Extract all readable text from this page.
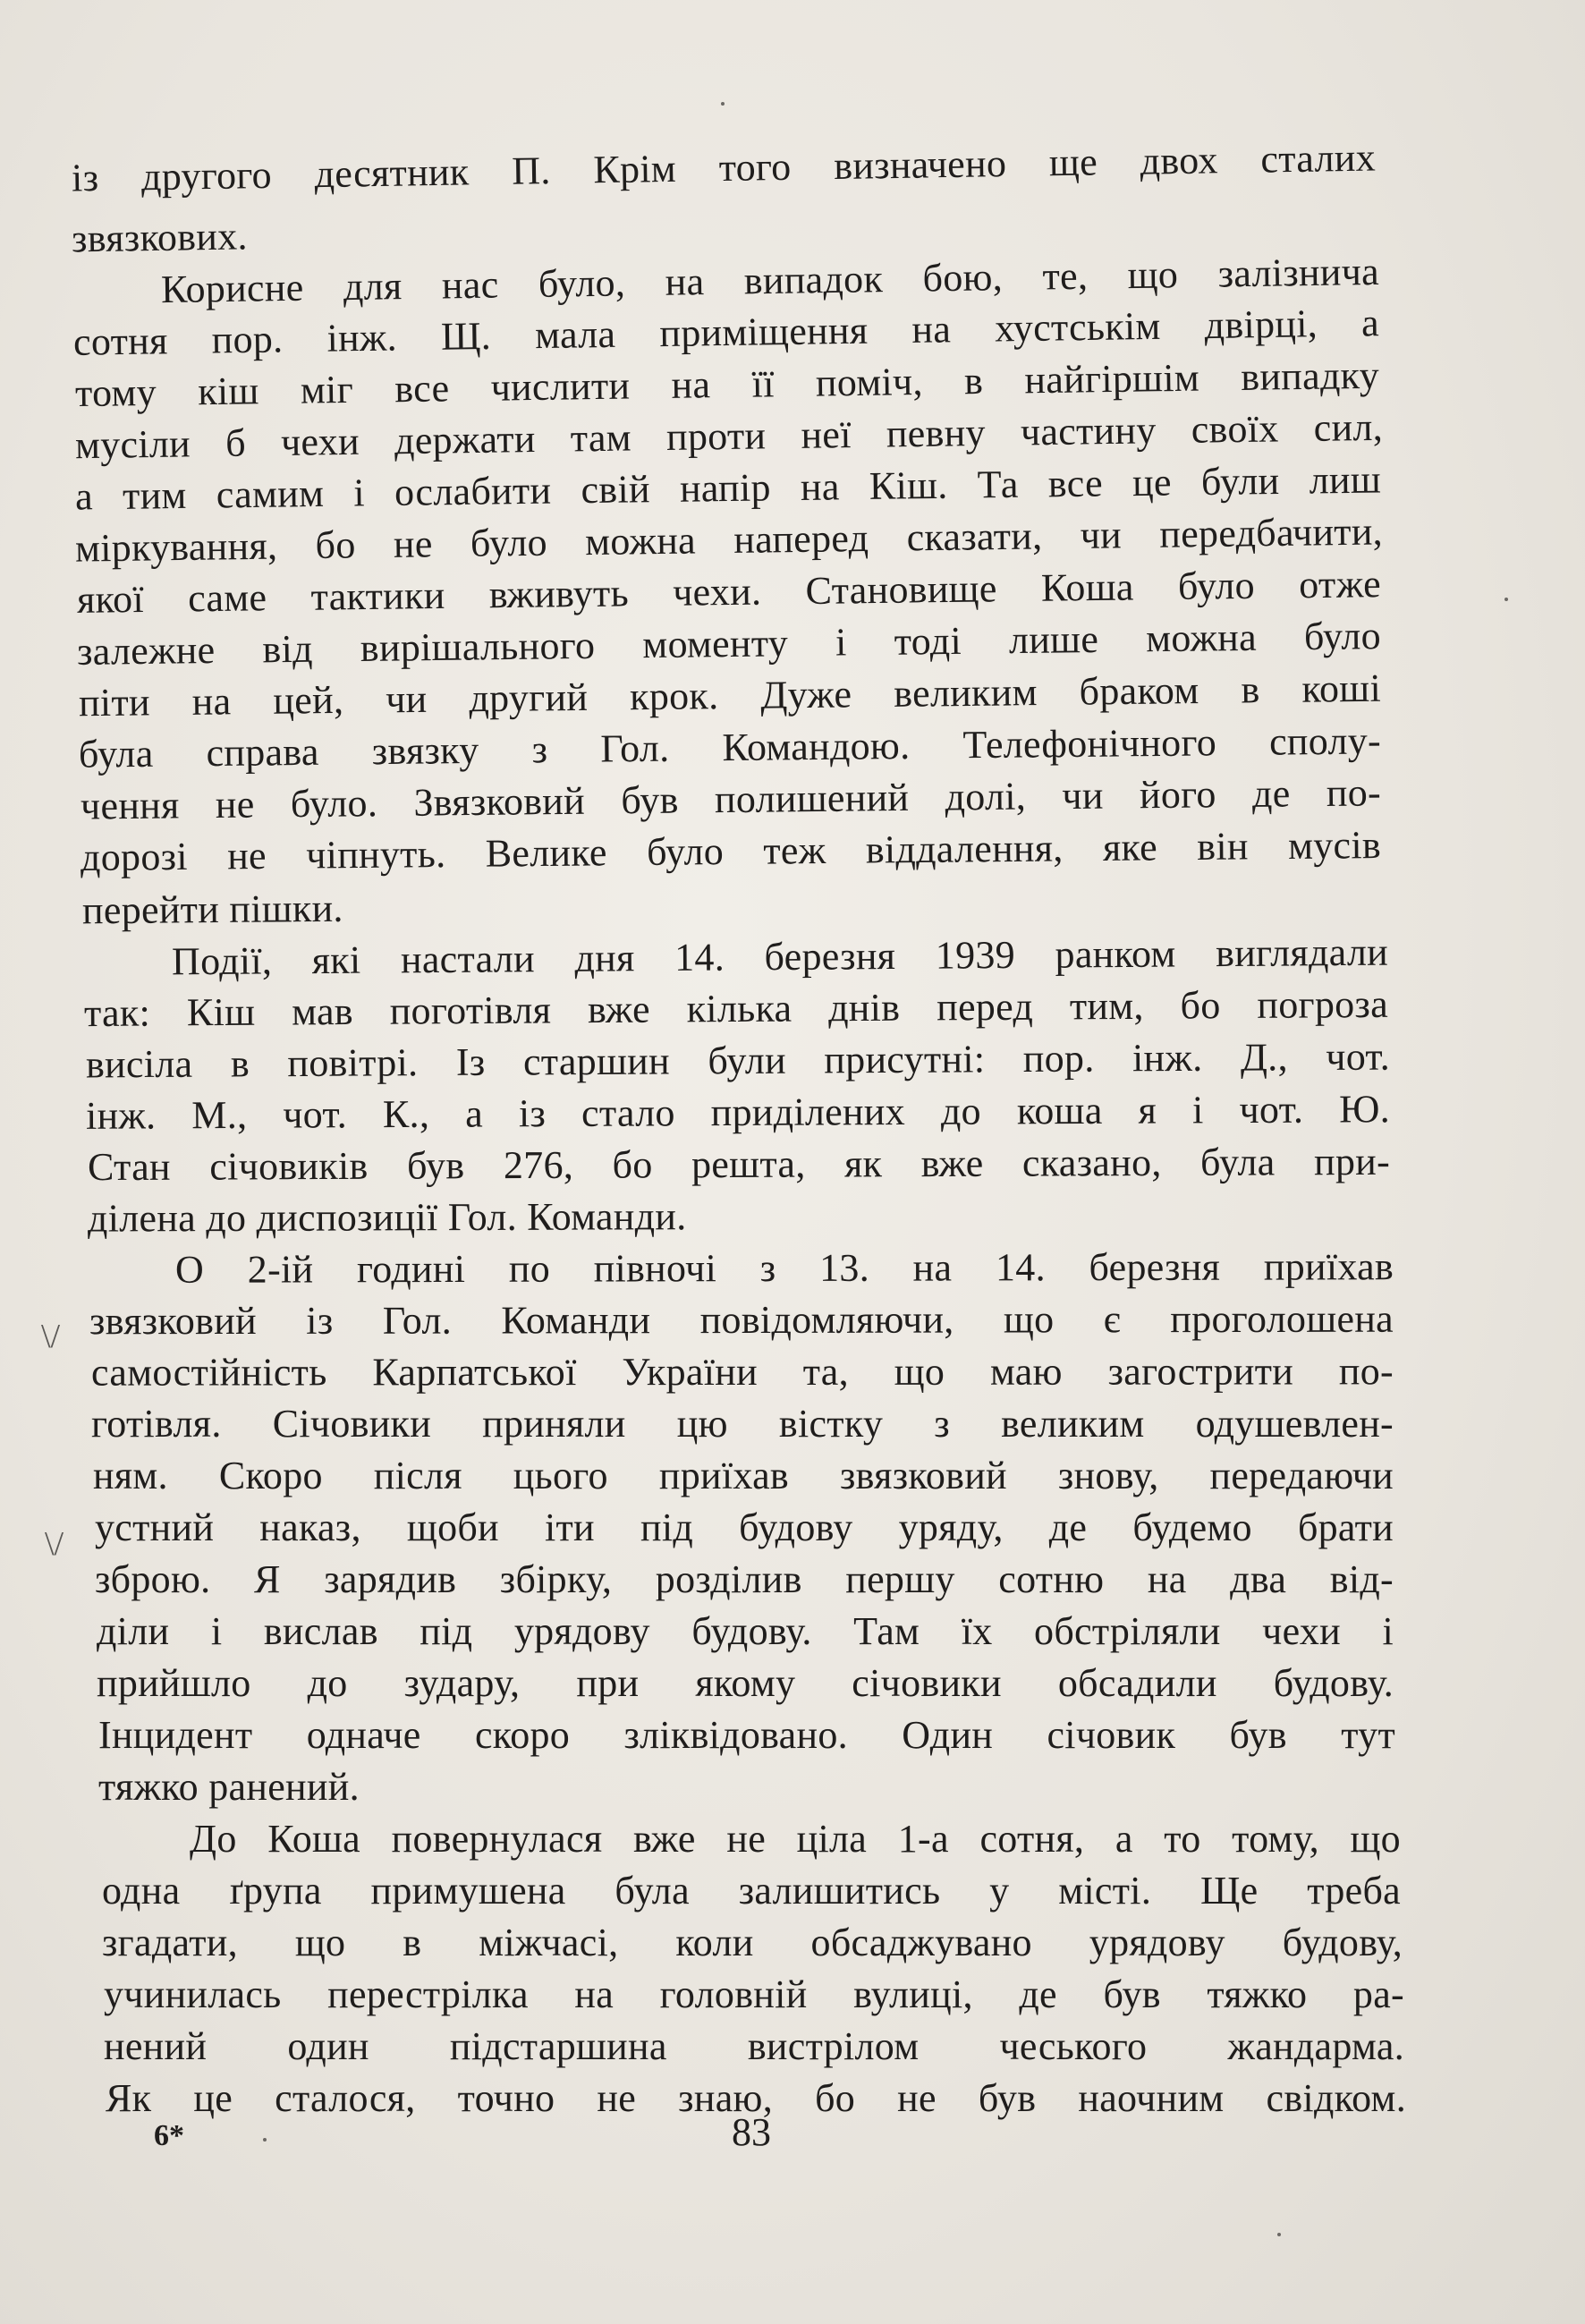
із другого десятник П. Крім того визначено ще двох сталих
звязкових.
Корисне для нас було, на випадок бою, те, що залізнича
сотня пор. інж. Щ. мала приміщення на хустськім двірці, а
тому кіш міг все числити на її поміч, в найгіршім випадку
мусіли б чехи держати там проти неї певну частину своїх сил,
а тим самим і ослабити свій напір на Кіш. Та все це були лиш
міркування, бо не було можна наперед сказати, чи передбачити,
якої саме тактики вживуть чехи. Становище Коша було отже
залежне від вирішального моменту і тоді лише можна було
піти на цей, чи другий крок. Дуже великим браком в коші
була справа звязку з Гол. Командою. Телефонічного сполу-
чення не було. Звязковий був полишений долі, чи його де по-
дорозі не чіпнуть. Велике було теж віддалення, яке він мусів
перейти пішки.
Події, які настали дня 14. березня 1939 ранком виглядали
так: Кіш мав поготівля вже кілька днів перед тим, бо погроза
висіла в повітрі. Із старшин були присутні: пор. інж. Д., чот.
інж. М., чот. К., а із стало приділених до коша я і чот. Ю.
Стан січовиків був 276, бо решта, як вже сказано, була при-
ділена до диспозиції Гол. Команди.
О 2-ій годині по півночі з 13. на 14. березня приїхав
звязковий із Гол. Команди повідомляючи, що є проголошена
самостійність Карпатської України та, що маю загострити по-
готівля. Січовики приняли цю вістку з великим одушевлен-
ням. Скоро після цього приїхав звязковий знову, передаючи
устний наказ, щоби іти під будову уряду, де будемо брати
зброю. Я зарядив збірку, розділив першу сотню на два від-
діли і вислав під урядову будову. Там їх обстріляли чехи і
прийшло до зудару, при якому січовики обсадили будову.
Інцидент одначе скоро зліквідовано. Один січовик був тут
тяжко ранений.
До Коша повернулася вже не ціла 1-а сотня, а то тому, що
одна ґрупа примушена була залишитись у місті. Ще треба
згадати, що в міжчасі, коли обсаджувано урядову будову,
учинилась перестрілка на головній вулиці, де був тяжко ра-
нений один підстаршина вистрілом чеського жандарма.
Як це сталося, точно не знаю, бо не був наочним свідком.
6*	83
\/
\/
